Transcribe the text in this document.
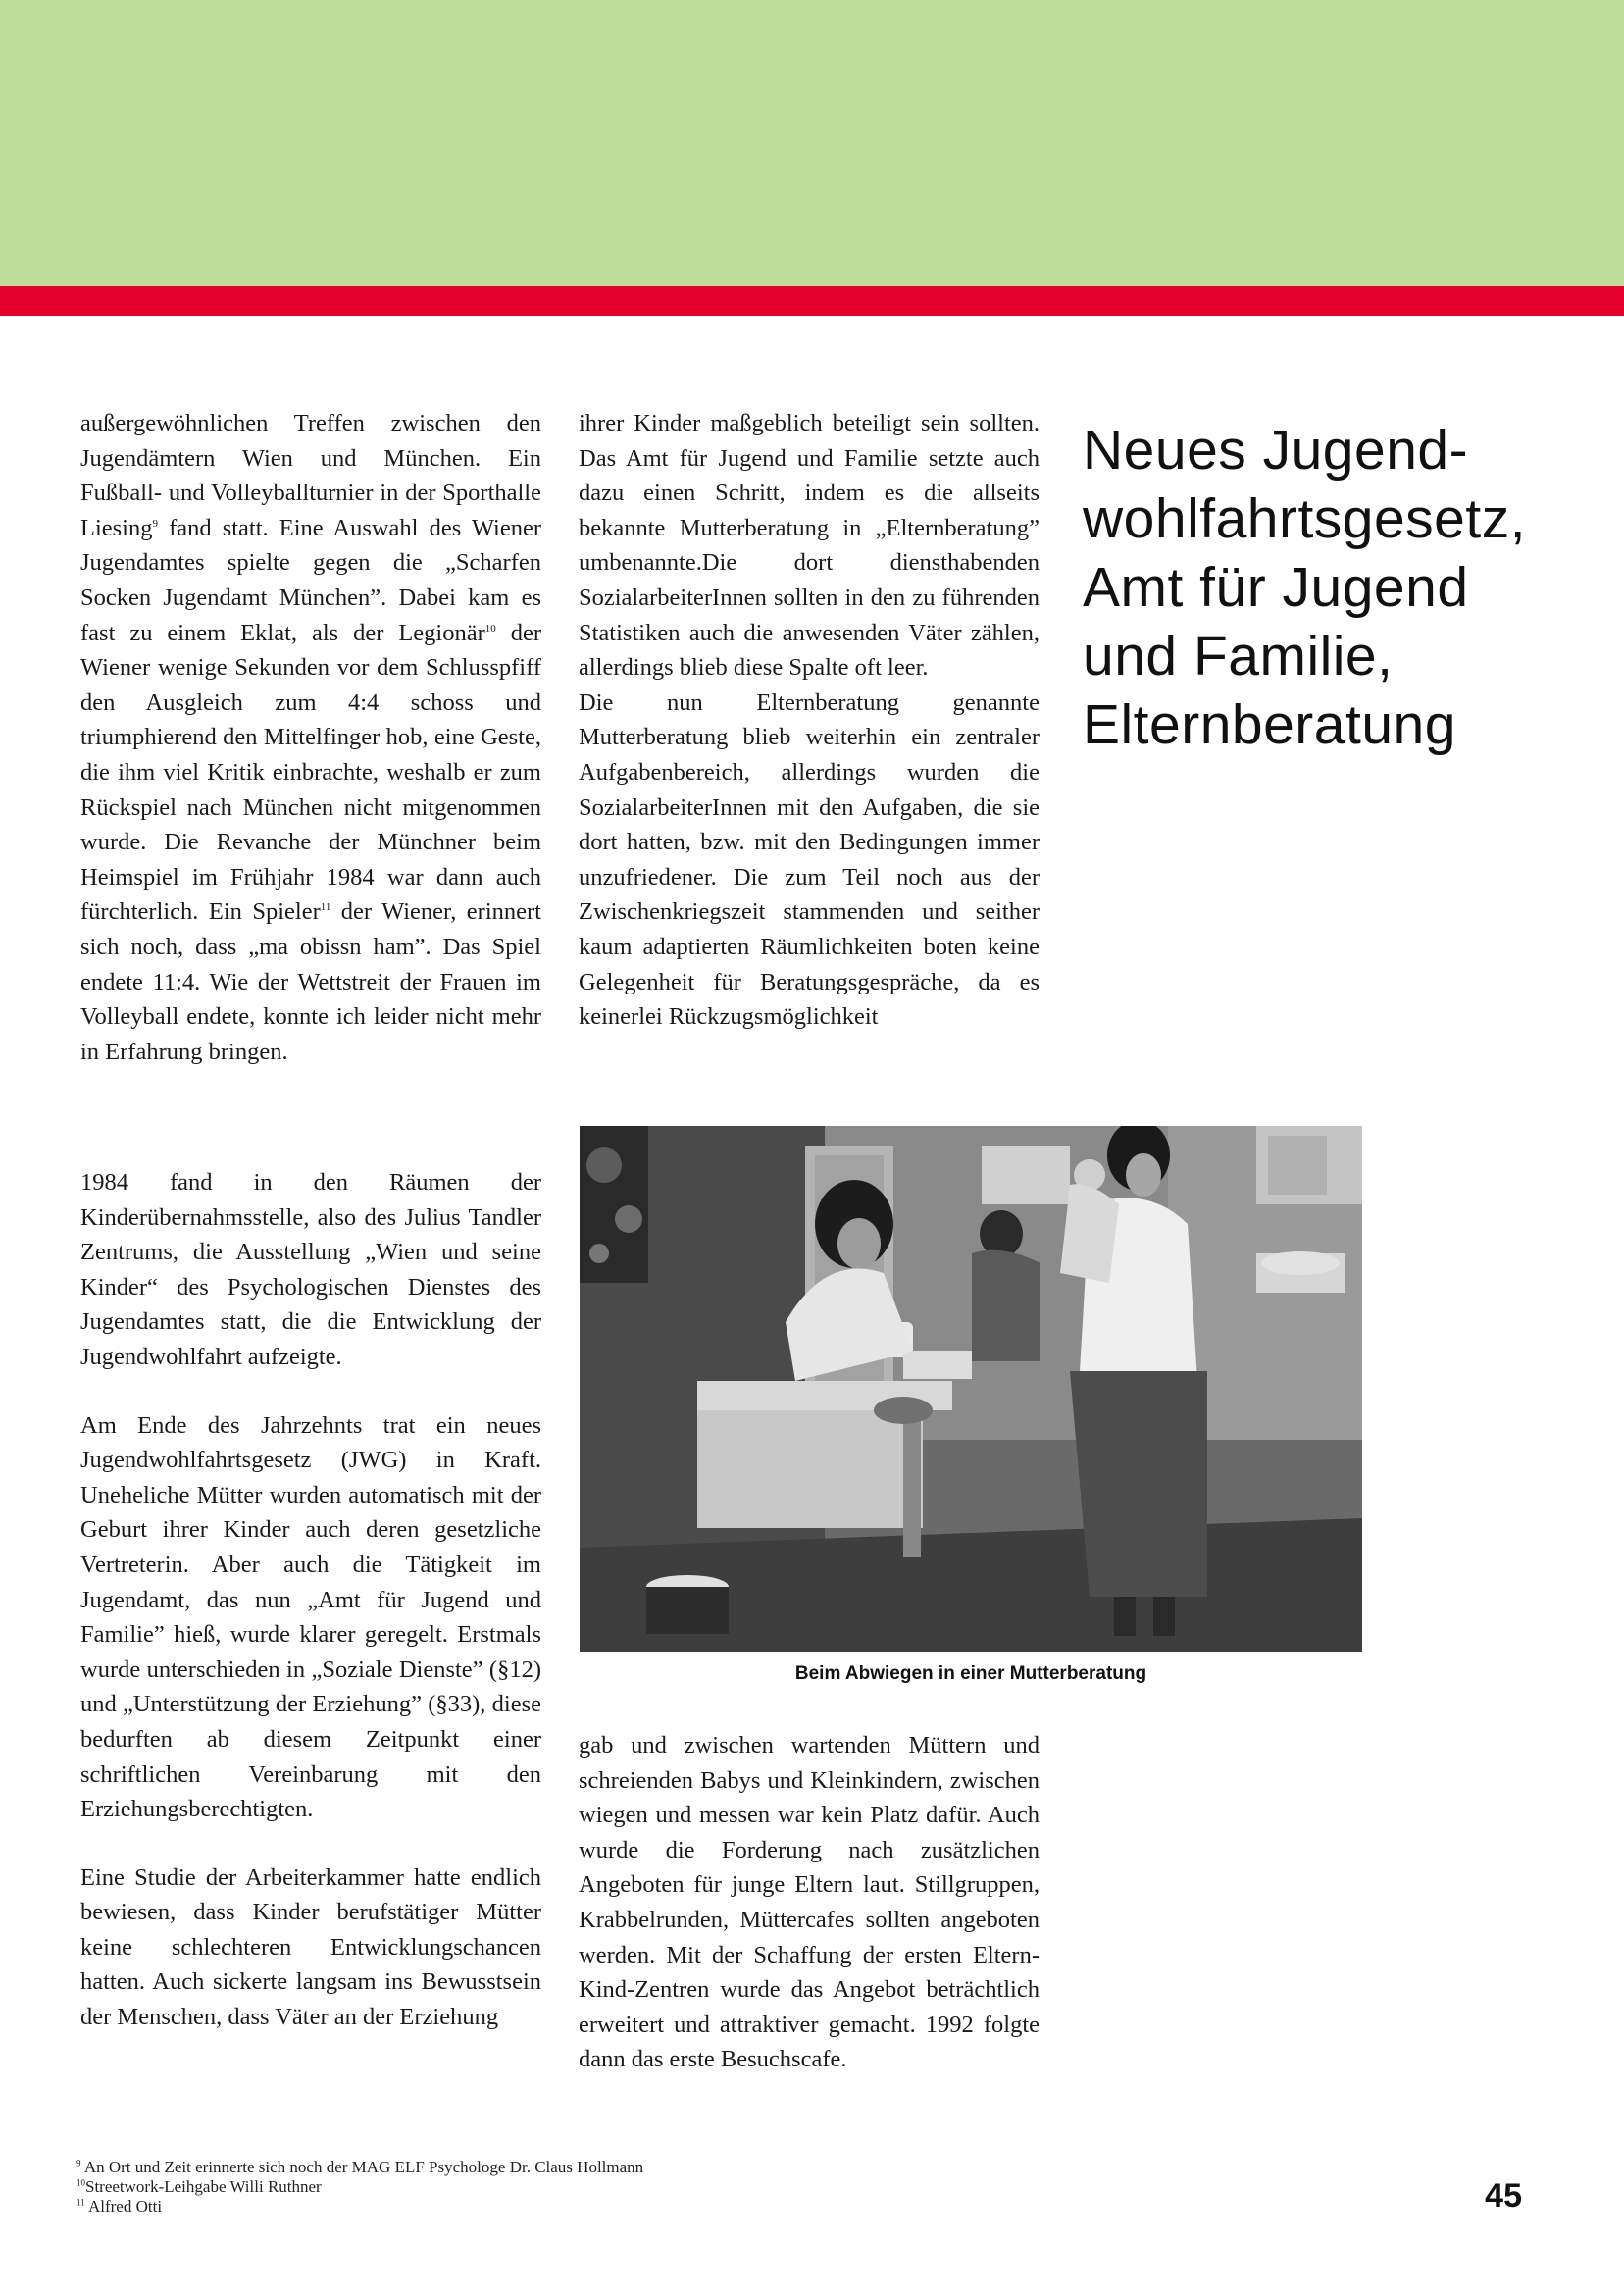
außergewöhnlichen Treffen zwischen den Jugendämtern Wien und München. Ein Fußball- und Volleyballturnier in der Sporthalle Liesing$^9$ fand statt. Eine Auswahl des Wiener Jugendamtes spielte gegen die „Scharfen Socken Jugendamt München”. Dabei kam es fast zu einem Eklat, als der Legionär$^{10}$ der Wiener wenige Sekunden vor dem Schlusspfiff den Ausgleich zum 4:4 schoss und triumphierend den Mittelfinger hob, eine Geste, die ihm viel Kritik einbrachte, weshalb er zum Rückspiel nach München nicht mitgenommen wurde. Die Revanche der Münchner beim Heimspiel im Frühjahr 1984 war dann auch fürchterlich. Ein Spieler$^{11}$ der Wiener, erinnert sich noch, dass „ma obissn ham”. Das Spiel endete 11:4. Wie der Wettstreit der Frauen im Volleyball endete, konnte ich leider nicht mehr in Erfahrung bringen.

1984 fand in den Räumen der Kinderübernahmsstelle, also des Julius Tandler Zentrums, die Ausstellung „Wien und seine Kinder“ des Psychologischen Dienstes des Jugendamtes statt, die die Entwicklung der Jugendwohlfahrt aufzeigte.

Am Ende des Jahrzehnts trat ein neues Jugendwohlfahrtsgesetz (JWG) in Kraft. Uneheliche Mütter wurden automatisch mit der Geburt ihrer Kinder auch deren gesetzliche Vertreterin. Aber auch die Tätigkeit im Jugendamt, das nun „Amt für Jugend und Familie” hieß, wurde klarer geregelt. Erstmals wurde unterschieden in „Soziale Dienste” (§12) und „Unterstützung der Erziehung” (§33), diese bedurften ab diesem Zeitpunkt einer schriftlichen Vereinbarung mit den Erziehungsberechtigten.

Eine Studie der Arbeiterkammer hatte endlich bewiesen, dass Kinder berufstätiger Mütter keine schlechteren Entwicklungschancen hatten. Auch sickerte langsam ins Bewusstsein der Menschen, dass Väter an der Erziehung

ihrer Kinder maßgeblich beteiligt sein sollten. Das Amt für Jugend und Familie setzte auch dazu einen Schritt, indem es die allseits bekannte Mutterberatung in „Elternberatung” umbenannte.Die dort diensthabenden SozialarbeiterInnen sollten in den zu führenden Statistiken auch die anwesenden Väter zählen, allerdings blieb diese Spalte oft leer.

Die nun Elternberatung genannte Mutterberatung blieb weiterhin ein zentraler Aufgabenbereich, allerdings wurden die SozialarbeiterInnen mit den Aufgaben, die sie dort hatten, bzw. mit den Bedingungen immer unzufriedener. Die zum Teil noch aus der Zwischenkriegszeit stammenden und seither kaum adaptierten Räumlichkeiten boten keine Gelegenheit für Beratungsgespräche, da es keinerlei Rückzugsmöglichkeit

gab und zwischen wartenden Müttern und schreienden Babys und Kleinkindern, zwischen wiegen und messen war kein Platz dafür. Auch wurde die Forderung nach zusätzlichen Angeboten für junge Eltern laut. Stillgruppen, Krabbelrunden, Müttercafes sollten angeboten werden. Mit der Schaffung der ersten Eltern-Kind-Zentren wurde das Angebot beträchtlich erweitert und attraktiver gemacht. 1992 folgte dann das erste Besuchscafe.

Neues Jugend-
wohlfahrtsgesetz,
Amt für Jugend
und Familie,
Elternberatung
Beim Abwiegen in einer Mutterberatung
$^9$ An Ort und Zeit erinnerte sich noch der MAG ELF Psychologe Dr. Claus Hollmann
$^{10}$Streetwork-Leihgabe Willi Ruthner
$^{11}$ Alfred Otti	45
